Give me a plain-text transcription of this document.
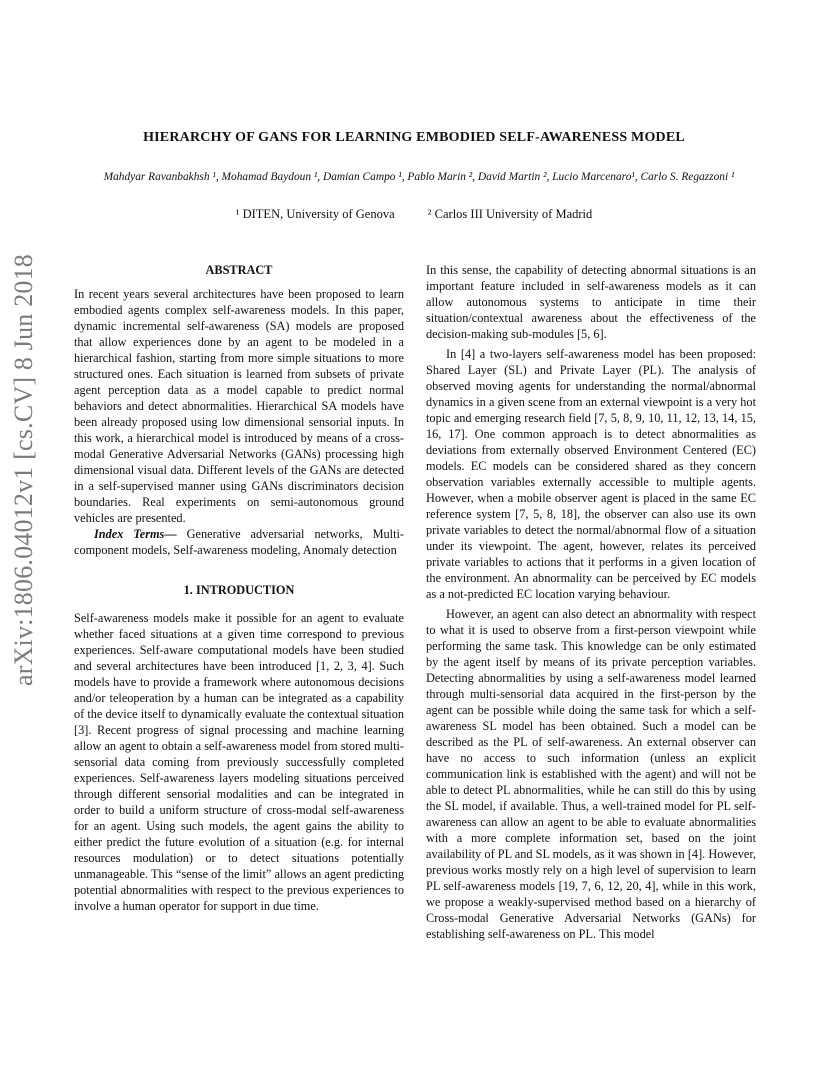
arXiv:1806.04012v1 [cs.CV] 8 Jun 2018
HIERARCHY OF GANS FOR LEARNING EMBODIED SELF-AWARENESS MODEL

Mahdyar Ravanbakhsh ¹, Mohamad Baydoun ¹, Damian Campo ¹, Pablo Marin ², David Martin ², Lucio Marcenaro¹, Carlo S. Regazzoni ¹

¹ DITEN, University of Genova	² Carlos III University of Madrid

ABSTRACT

In recent years several architectures have been proposed to learn embodied agents complex self-awareness models. In this paper, dynamic incremental self-awareness (SA) models are proposed that allow experiences done by an agent to be modeled in a hierarchical fashion, starting from more simple situations to more structured ones. Each situation is learned from subsets of private agent perception data as a model capable to predict normal behaviors and detect abnormalities. Hierarchical SA models have been already proposed using low dimensional sensorial inputs. In this work, a hierarchical model is introduced by means of a cross-modal Generative Adversarial Networks (GANs) processing high dimensional visual data. Different levels of the GANs are detected in a self-supervised manner using GANs discriminators decision boundaries. Real experiments on semi-autonomous ground vehicles are presented.

Index Terms— Generative adversarial networks, Multi-component models, Self-awareness modeling, Anomaly detection

1. INTRODUCTION

Self-awareness models make it possible for an agent to evaluate whether faced situations at a given time correspond to previous experiences. Self-aware computational models have been studied and several architectures have been introduced [1, 2, 3, 4]. Such models have to provide a framework where autonomous decisions and/or teleoperation by a human can be integrated as a capability of the device itself to dynamically evaluate the contextual situation [3]. Recent progress of signal processing and machine learning allow an agent to obtain a self-awareness model from stored multi-sensorial data coming from previously successfully completed experiences. Self-awareness layers modeling situations perceived through different sensorial modalities and can be integrated in order to build a uniform structure of cross-modal self-awareness for an agent. Using such models, the agent gains the ability to either predict the future evolution of a situation (e.g. for internal resources modulation) or to detect situations potentially unmanageable. This “sense of the limit” allows an agent predicting potential abnormalities with respect to the previous experiences to involve a human operator for support in due time.

In this sense, the capability of detecting abnormal situations is an important feature included in self-awareness models as it can allow autonomous systems to anticipate in time their situation/contextual awareness about the effectiveness of the decision-making sub-modules [5, 6].

In [4] a two-layers self-awareness model has been proposed: Shared Layer (SL) and Private Layer (PL). The analysis of observed moving agents for understanding the normal/abnormal dynamics in a given scene from an external viewpoint is a very hot topic and emerging research field [7, 5, 8, 9, 10, 11, 12, 13, 14, 15, 16, 17]. One common approach is to detect abnormalities as deviations from externally observed Environment Centered (EC) models. EC models can be considered shared as they concern observation variables externally accessible to multiple agents. However, when a mobile observer agent is placed in the same EC reference system [7, 5, 8, 18], the observer can also use its own private variables to detect the normal/abnormal flow of a situation under its viewpoint. The agent, however, relates its perceived private variables to actions that it performs in a given location of the environment. An abnormality can be perceived by EC models as a not-predicted EC location varying behaviour.

However, an agent can also detect an abnormality with respect to what it is used to observe from a first-person viewpoint while performing the same task. This knowledge can be only estimated by the agent itself by means of its private perception variables. Detecting abnormalities by using a self-awareness model learned through multi-sensorial data acquired in the first-person by the agent can be possible while doing the same task for which a self-awareness SL model has been obtained. Such a model can be described as the PL of self-awareness. An external observer can have no access to such information (unless an explicit communication link is established with the agent) and will not be able to detect PL abnormalities, while he can still do this by using the SL model, if available. Thus, a well-trained model for PL self-awareness can allow an agent to be able to evaluate abnormalities with a more complete information set, based on the joint availability of PL and SL models, as it was shown in [4]. However, previous works mostly rely on a high level of supervision to learn PL self-awareness models [19, 7, 6, 12, 20, 4], while in this work, we propose a weakly-supervised method based on a hierarchy of Cross-modal Generative Adversarial Networks (GANs) for establishing self-awareness on PL. This model
